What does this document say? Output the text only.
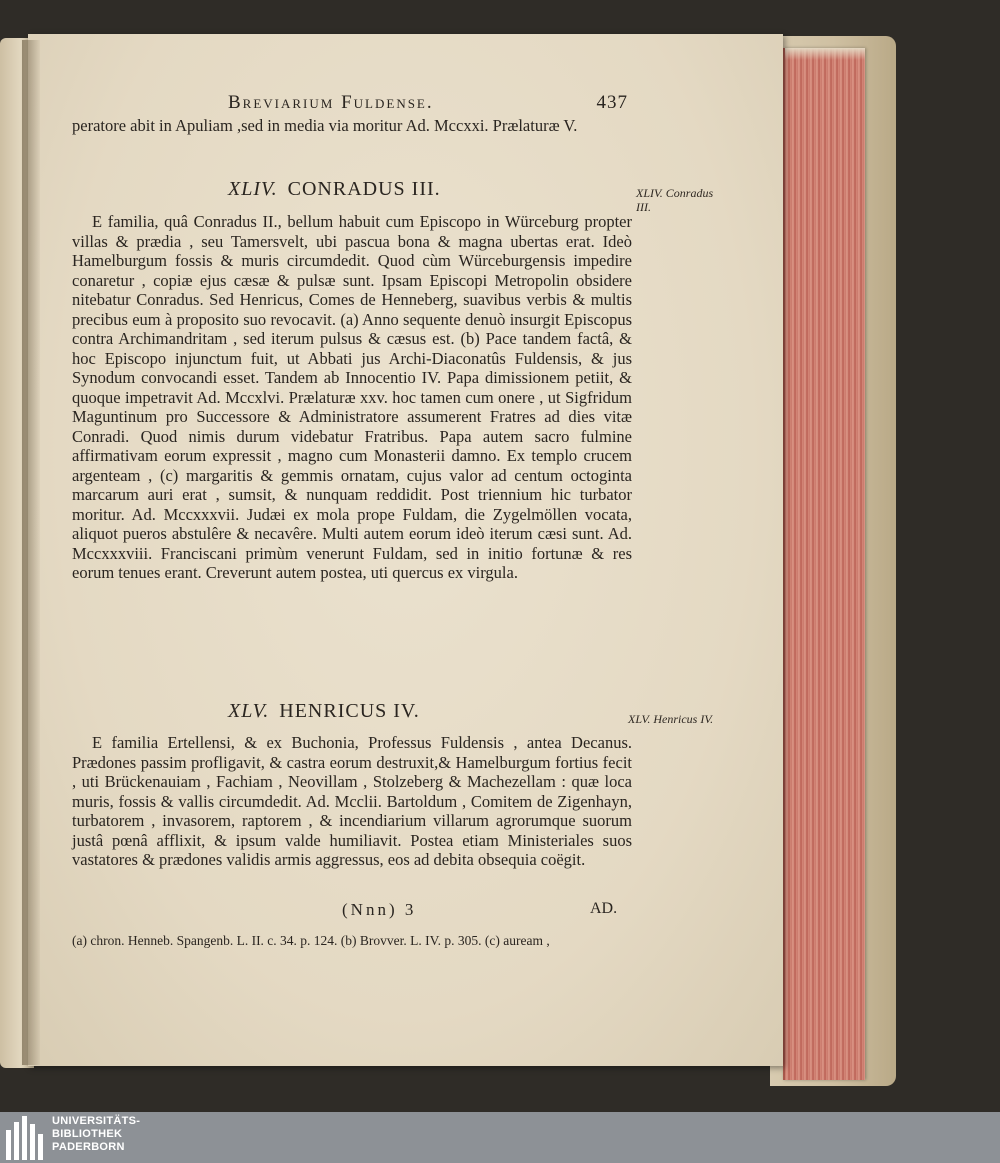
Breviarium Fuldense.	437

peratore abit in Apuliam ,sed in media via moritur Ad. Mccxxi. Prælaturæ V.

XLIV. CONRADUS III.	XLIV. Conradus III.

E familia, quâ Conradus II., bellum habuit cum Episcopo in Würceburg propter villas & prædia , seu Tamersvelt, ubi pascua bona & magna ubertas erat. Ideò Hamelburgum fossis & muris circumdedit. Quod cùm Würceburgensis impedire conaretur , copiæ ejus cæsæ & pulsæ sunt. Ipsam Episcopi Metropolin obsidere nitebatur Conradus. Sed Henricus, Comes de Henneberg, suavibus verbis & multis precibus eum à proposito suo revocavit. (a) Anno sequente denuò insurgit Episcopus contra Archimandritam , sed iterum pulsus & cæsus est. (b) Pace tandem factâ, & hoc Episcopo injunctum fuit, ut Abbati jus Archi-Diaconatûs Fuldensis, & jus Synodum convocandi esset. Tandem ab Innocentio IV. Papa dimissionem petiit, & quoque impetravit Ad. Mccxlvi. Prælaturæ xxv. hoc tamen cum onere , ut Sigfridum Maguntinum pro Successore & Administratore assumerent Fratres ad dies vitæ Conradi. Quod nimis durum videbatur Fratribus. Papa autem sacro fulmine affirmativam eorum expressit , magno cum Monasterii damno. Ex templo crucem argenteam , (c) margaritis & gemmis ornatam, cujus valor ad centum octoginta marcarum auri erat , sumsit, & nunquam reddidit. Post triennium hic turbator moritur. Ad. Mccxxxvii. Judæi ex mola prope Fuldam, die Zygelmöllen vocata, aliquot pueros abstulêre & necavêre. Multi autem eorum ideò iterum cæsi sunt. Ad. Mccxxxviii. Franciscani primùm venerunt Fuldam, sed in initio fortunæ & res eorum tenues erant. Creverunt autem postea, uti quercus ex virgula.

XLV. HENRICUS IV.	XLV. Henricus IV.

E familia Ertellensi, & ex Buchonia, Professus Fuldensis , antea Decanus. Prædones passim profligavit, & castra eorum destruxit,& Hamelburgum fortius fecit , uti Brückenauiam , Fachiam , Neovillam , Stolzeberg & Machezellam : quæ loca muris, fossis & vallis circumdedit. Ad. Mcclii. Bartoldum , Comitem de Zigenhayn, turbatorem , invasorem, raptorem , & incendiarium villarum agrorumque suorum justâ pœnâ afflixit, & ipsum valde humiliavit. Postea etiam Ministeriales suos vastatores & prædones validis armis aggressus, eos ad debita obsequia coëgit.

(Nnn) 3	AD.

(a) chron. Henneb. Spangenb. L. II. c. 34. p. 124. (b) Brovver. L. IV. p. 305. (c) auream ,

UNIVERSITÄTS-
BIBLIOTHEK
PADERBORN
